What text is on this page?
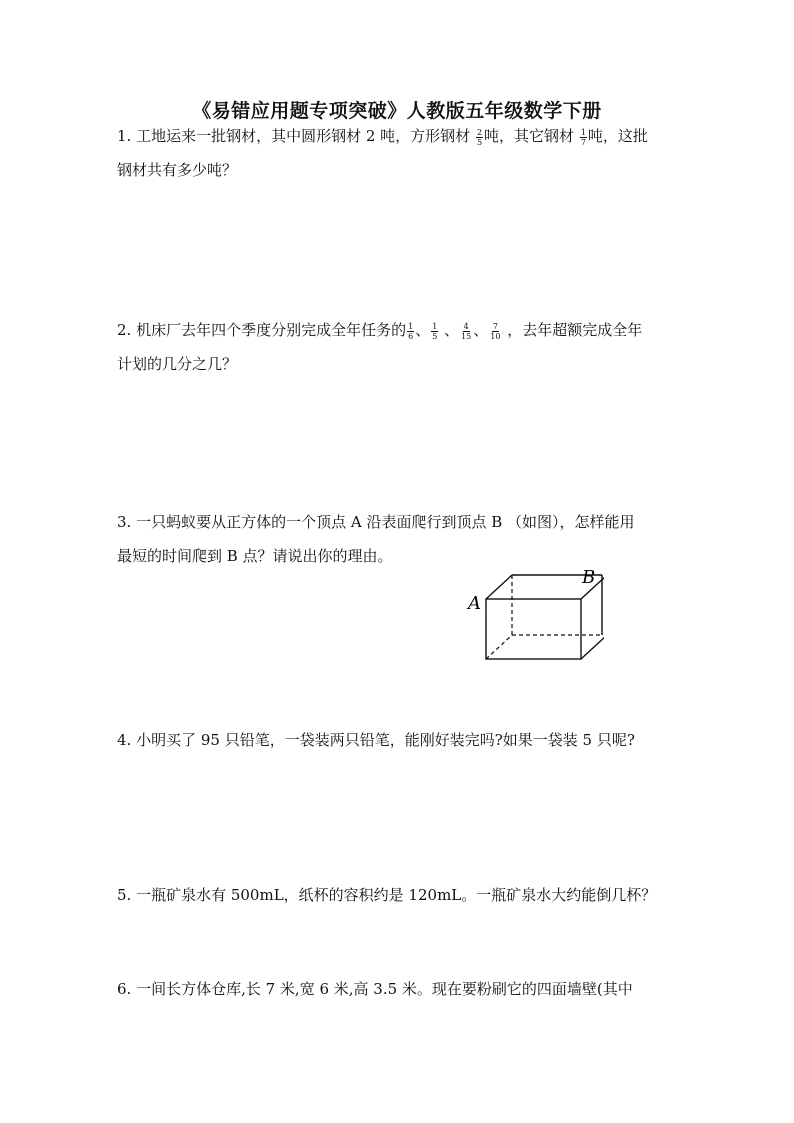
《易错应用题专项突破》人教版五年级数学下册
1. 工地运来一批钢材，其中圆形钢材 2 吨，方形钢材 $\frac{2}{5}$ 吨，其它钢材 $\frac{1}{7}$ 吨，这批
钢材共有多少吨？
2. 机床厂去年四个季度分别完成全年任务的 $\frac{1}{6}$ 、 $\frac{1}{5}$ 、 $\frac{4}{15}$ 、 $\frac{7}{10}$ ，去年超额完成全年
计划的几分之几？
3. 一只蚂蚁要从正方体的一个顶点 A 沿表面爬行到顶点 B （如图），怎样能用
最短的时间爬到 B 点？请说出你的理由。
A
B
4. 小明买了 95 只铅笔，一袋装两只铅笔，能刚好装完吗?如果一袋装 5 只呢?
5. 一瓶矿泉水有 500mL，纸杯的容积约是 120mL。一瓶矿泉水大约能倒几杯？
6. 一间长方体仓库,长 7 米,宽 6 米,高 3.5 米。现在要粉刷它的四面墙壁(其中
